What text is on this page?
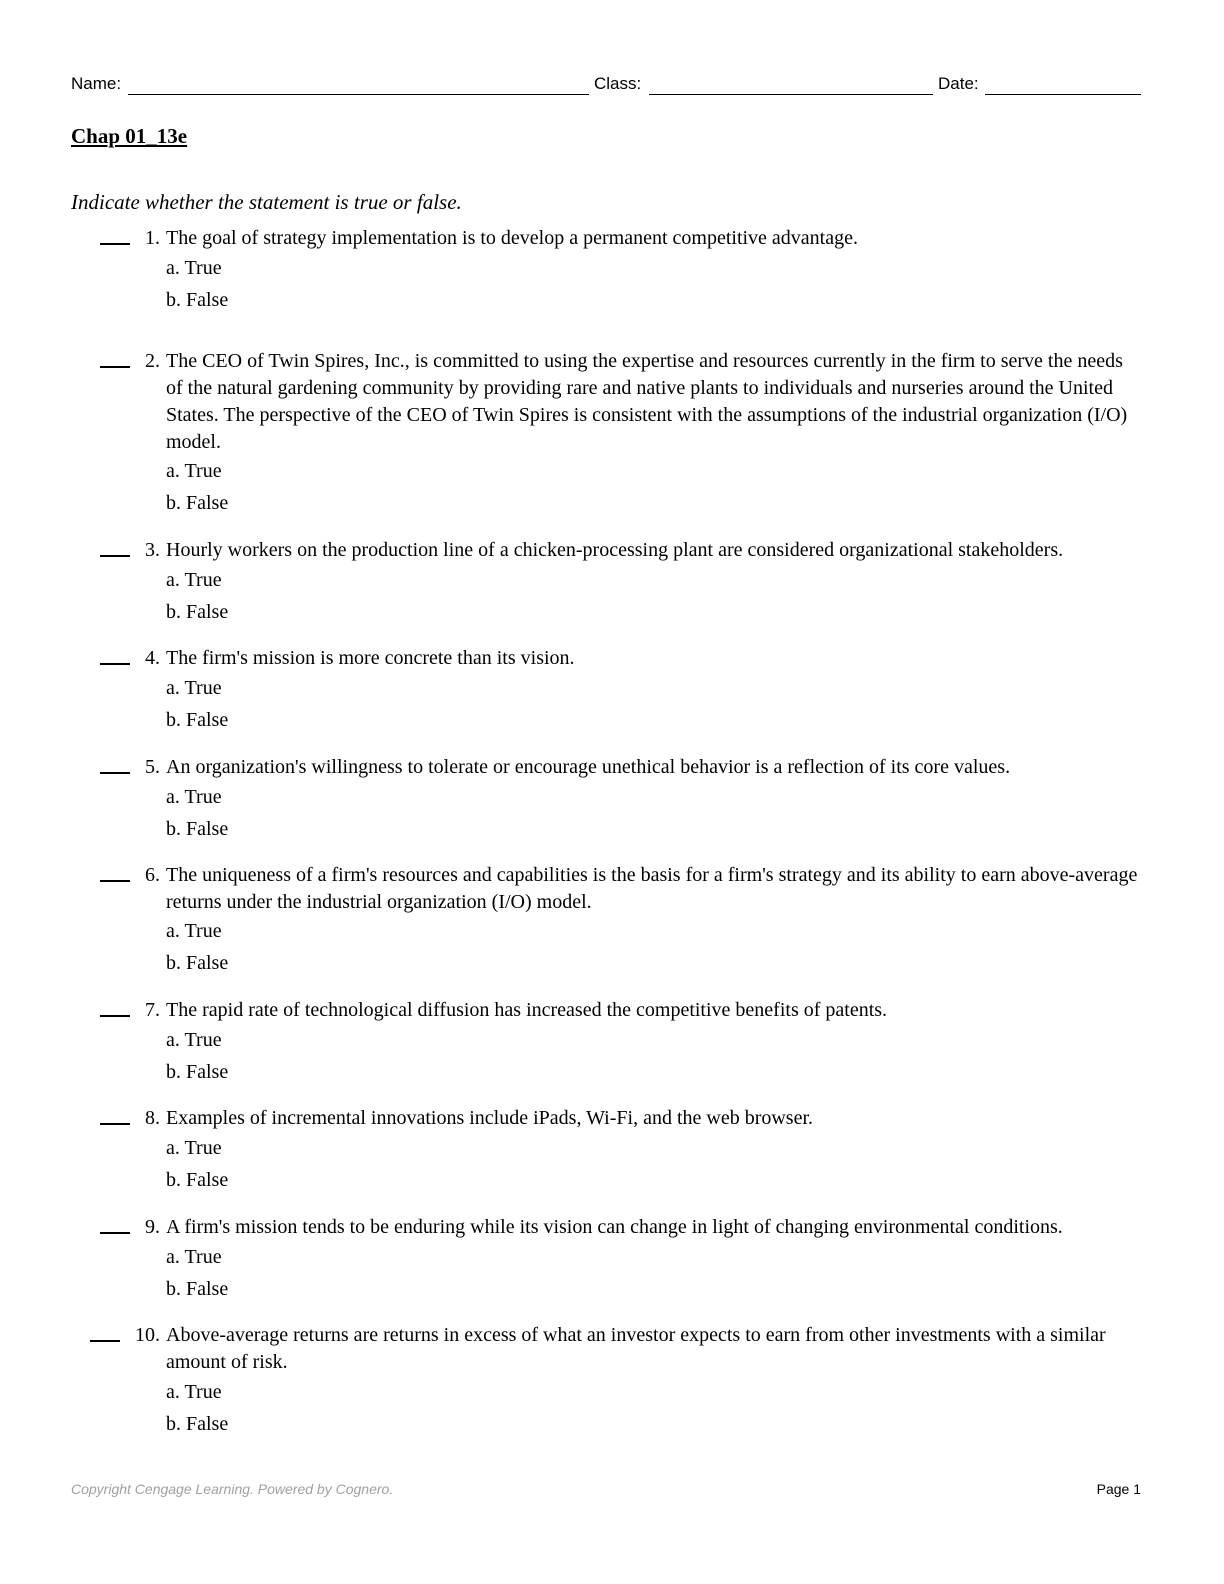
Name:	Class:	Date:
Chap 01_13e
Indicate whether the statement is true or false.
1. The goal of strategy implementation is to develop a permanent competitive advantage.
a. True
b. False
2. The CEO of Twin Spires, Inc., is committed to using the expertise and resources currently in the firm to serve the needs of the natural gardening community by providing rare and native plants to individuals and nurseries around the United States. The perspective of the CEO of Twin Spires is consistent with the assumptions of the industrial organization (I/O) model.
a. True
b. False
3. Hourly workers on the production line of a chicken-processing plant are considered organizational stakeholders.
a. True
b. False
4. The firm's mission is more concrete than its vision.
a. True
b. False
5. An organization's willingness to tolerate or encourage unethical behavior is a reflection of its core values.
a. True
b. False
6. The uniqueness of a firm's resources and capabilities is the basis for a firm's strategy and its ability to earn above-average returns under the industrial organization (I/O) model.
a. True
b. False
7. The rapid rate of technological diffusion has increased the competitive benefits of patents.
a. True
b. False
8. Examples of incremental innovations include iPads, Wi-Fi, and the web browser.
a. True
b. False
9. A firm's mission tends to be enduring while its vision can change in light of changing environmental conditions.
a. True
b. False
10. Above-average returns are returns in excess of what an investor expects to earn from other investments with a similar amount of risk.
a. True
b. False
Copyright Cengage Learning. Powered by Cognero.	Page 1
